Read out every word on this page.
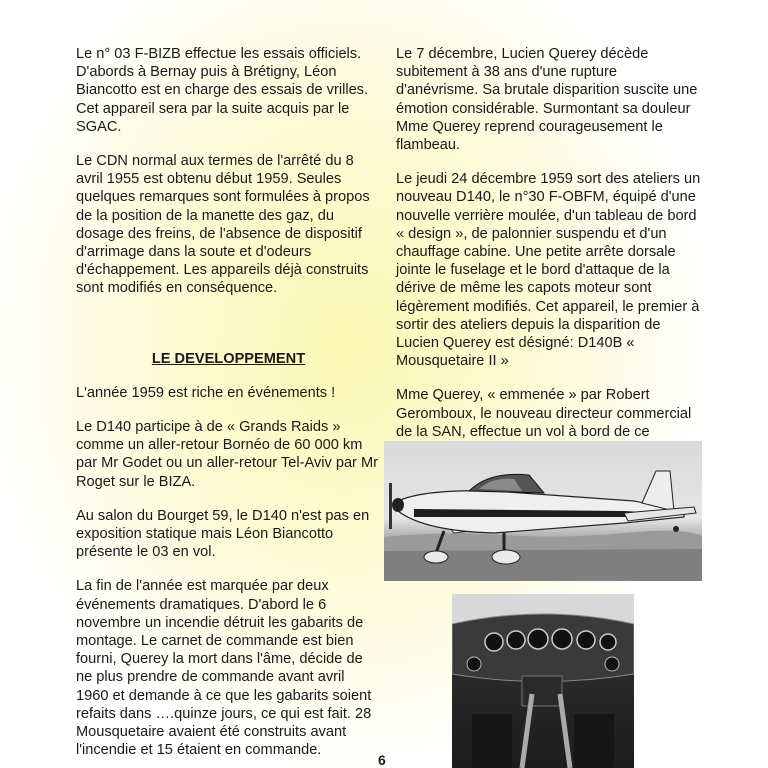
Le n° 03 F-BIZB effectue les essais officiels. D'abords à Bernay puis à Brétigny, Léon Biancotto est en charge des essais de vrilles. Cet appareil sera par la suite acquis par le SGAC.

Le CDN normal aux termes de l'arrêté du 8 avril 1955 est obtenu début 1959. Seules quelques remarques sont formulées à propos de la position de la manette des gaz, du dosage des freins, de l'absence de dispositif d'arrimage dans la soute et d'odeurs d'échappement. Les appareils déjà construits sont modifiés en conséquence.

LE DEVELOPPEMENT

L'année 1959 est riche en événements !

Le D140 participe à de « Grands Raids » comme un aller-retour Bornéo de 60 000 km par Mr Godet ou un aller-retour Tel-Aviv par Mr Roget sur le BIZA.

Au salon du Bourget 59, le D140 n'est pas en exposition statique mais Léon Biancotto présente le 03 en vol.

La fin de l'année est marquée par deux événements dramatiques. D'abord le 6 novembre un incendie détruit les gabarits de montage. Le carnet de commande est bien fourni, Querey la mort dans l'âme, décide de ne plus prendre de commande avant avril 1960 et demande à ce que les gabarits soient refaits dans ….quinze jours, ce qui est fait. 28 Mousquetaire avaient été construits avant l'incendie et 15 étaient en commande.

Le 7 décembre, Lucien Querey décède subitement à 38 ans d'une rupture d'anévrisme. Sa brutale disparition suscite une émotion considérable. Surmontant sa douleur Mme Querey reprend courageusement le flambeau.

Le jeudi 24 décembre 1959 sort des ateliers un nouveau D140, le n°30 F-OBFM, équipé d'une nouvelle verrière moulée, d'un tableau de bord « design », de palonnier suspendu et d'un chauffage cabine. Une petite arrête dorsale jointe le fuselage et le bord d'attaque de la dérive de même les capots moteur sont légèrement modifiés. Cet appareil, le premier à sortir des ateliers depuis la disparition de Lucien Querey est désigné: D140B « Mousquetaire II »

Mme Querey, « emmenée » par Robert Geromboux, le nouveau directeur commercial de la SAN, effectue un vol à bord de ce

6
